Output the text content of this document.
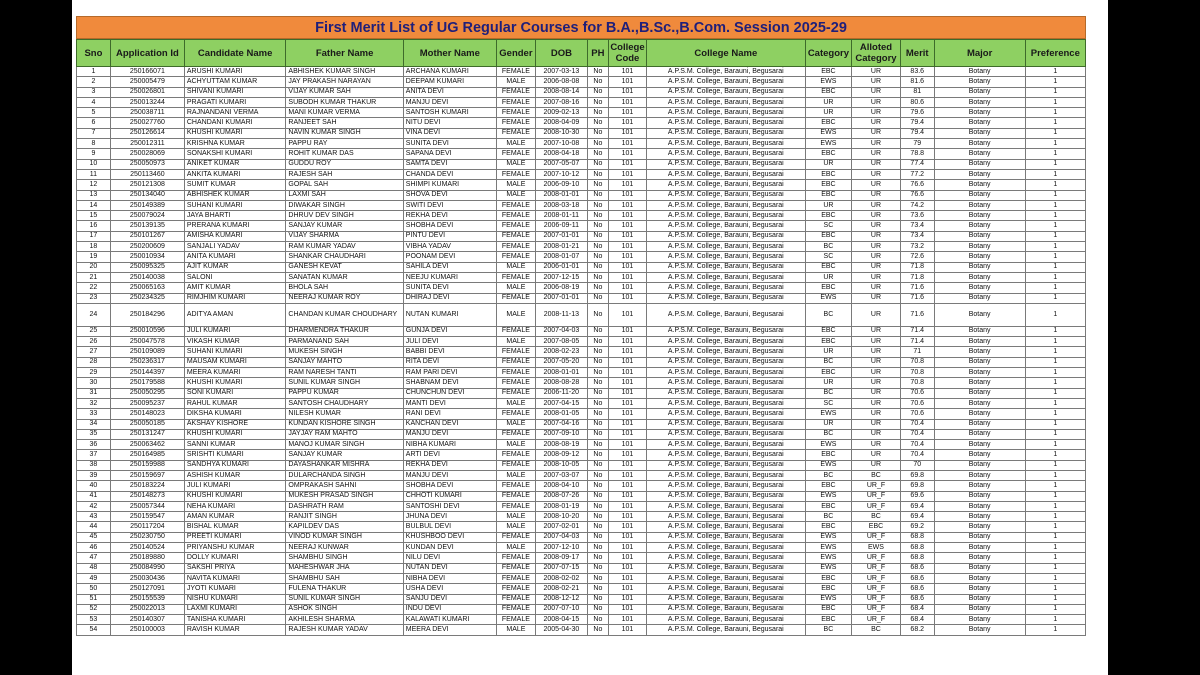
First Merit List of UG Regular Courses for B.A.,B.Sc.,B.Com. Session 2025-29
Sno	Application Id	Candidate Name	Father Name	Mother Name	Gender	DOB	PH	College Code	College Name	Category	Alloted Category	Merit	Major	Preference
1	250166071	ARUSHI KUMARI	ABHISHEK KUMAR SINGH	ARCHANA KUMARI	FEMALE	2007-03-13	No	101	A.P.S.M. College, Barauni, Begusarai	EBC	UR	83.6	Botany	1
2	250005479	ACHYUTTAM KUMAR	JAY PRAKASH NARAYAN	DEEPAM KUMARI	MALE	2006-08-08	No	101	A.P.S.M. College, Barauni, Begusarai	EWS	UR	81.6	Botany	1
3	250026801	SHIVANI KUMARI	VIJAY KUMAR SAH	ANITA DEVI	FEMALE	2008-08-14	No	101	A.P.S.M. College, Barauni, Begusarai	EBC	UR	81	Botany	1
4	250013244	PRAGATI KUMARI	SUBODH KUMAR THAKUR	MANJU DEVI	FEMALE	2007-08-16	No	101	A.P.S.M. College, Barauni, Begusarai	UR	UR	80.6	Botany	1
5	250038711	RAJNANDANI VERMA	MANI KUMAR VERMA	SANTOSH KUMARI	FEMALE	2009-02-13	No	101	A.P.S.M. College, Barauni, Begusarai	UR	UR	79.6	Botany	1
6	250027760	CHANDANI KUMARI	RANJEET SAH	NITU DEVI	FEMALE	2008-04-09	No	101	A.P.S.M. College, Barauni, Begusarai	EBC	UR	79.4	Botany	1
7	250126614	KHUSHI KUMARI	NAVIN KUMAR SINGH	VINA DEVI	FEMALE	2008-10-30	No	101	A.P.S.M. College, Barauni, Begusarai	EWS	UR	79.4	Botany	1
8	250012311	KRISHNA KUMAR	PAPPU RAY	SUNITA DEVI	MALE	2007-10-08	No	101	A.P.S.M. College, Barauni, Begusarai	EWS	UR	79	Botany	1
9	250028069	SONAKSHI KUMARI	ROHIT KUMAR DAS	SAPANA DEVI	FEMALE	2008-04-18	No	101	A.P.S.M. College, Barauni, Begusarai	EBC	UR	78.8	Botany	1
10	250050973	ANIKET KUMAR	GUDDU ROY	SAMTA DEVI	MALE	2007-05-07	No	101	A.P.S.M. College, Barauni, Begusarai	UR	UR	77.4	Botany	1
11	250113460	ANKITA KUMARI	RAJESH SAH	CHANDA DEVI	FEMALE	2007-10-12	No	101	A.P.S.M. College, Barauni, Begusarai	EBC	UR	77.2	Botany	1
12	250121308	SUMIT KUMAR	GOPAL SAH	SHIMPI KUMARI	MALE	2006-09-10	No	101	A.P.S.M. College, Barauni, Begusarai	EBC	UR	76.6	Botany	1
13	250134040	ABHISHEK KUMAR	LAXMI SAH	SHOVA DEVI	MALE	2008-01-01	No	101	A.P.S.M. College, Barauni, Begusarai	EBC	UR	76.6	Botany	1
14	250149389	SUHANI KUMARI	DIWAKAR SINGH	SWITI DEVI	FEMALE	2008-03-18	No	101	A.P.S.M. College, Barauni, Begusarai	UR	UR	74.2	Botany	1
15	250079024	JAYA BHARTI	DHRUV DEV SINGH	REKHA DEVI	FEMALE	2008-01-11	No	101	A.P.S.M. College, Barauni, Begusarai	EBC	UR	73.6	Botany	1
16	250139135	PRERANA KUMARI	SANJAY KUMAR	SHOBHA DEVI	FEMALE	2006-09-11	No	101	A.P.S.M. College, Barauni, Begusarai	SC	UR	73.4	Botany	1
17	250101267	AMISHA KUMARI	VIJAY SHARMA	PINTU DEVI	FEMALE	2007-01-01	No	101	A.P.S.M. College, Barauni, Begusarai	EBC	UR	73.4	Botany	1
18	250200609	SANJALI YADAV	RAM KUMAR YADAV	VIBHA YADAV	FEMALE	2008-01-21	No	101	A.P.S.M. College, Barauni, Begusarai	BC	UR	73.2	Botany	1
19	250010934	ANITA KUMARI	SHANKAR CHAUDHARI	POONAM DEVI	FEMALE	2008-01-07	No	101	A.P.S.M. College, Barauni, Begusarai	SC	UR	72.6	Botany	1
20	250095325	AJIT KUMAR	GANESH KEVAT	SAHILA DEVI	MALE	2006-01-01	No	101	A.P.S.M. College, Barauni, Begusarai	EBC	UR	71.8	Botany	1
21	250140038	SALONI	SANATAN KUMAR	NEEJU KUMARI	FEMALE	2007-12-15	No	101	A.P.S.M. College, Barauni, Begusarai	UR	UR	71.8	Botany	1
22	250065163	AMIT KUMAR	BHOLA SAH	SUNITA DEVI	MALE	2006-08-19	No	101	A.P.S.M. College, Barauni, Begusarai	EBC	UR	71.6	Botany	1
23	250234325	RIMJHIM KUMARI	NEERAJ KUMAR ROY	DHIRAJ DEVI	FEMALE	2007-01-01	No	101	A.P.S.M. College, Barauni, Begusarai	EWS	UR	71.6	Botany	1
24	250184296	ADITYA AMAN	CHANDAN KUMAR CHOUDHARY	NUTAN KUMARI	MALE	2008-11-13	No	101	A.P.S.M. College, Barauni, Begusarai	BC	UR	71.6	Botany	1
25	250010596	JULI KUMARI	DHARMENDRA THAKUR	GUNJA DEVI	FEMALE	2007-04-03	No	101	A.P.S.M. College, Barauni, Begusarai	EBC	UR	71.4	Botany	1
26	250047578	VIKASH KUMAR	PARMANAND SAH	JULI DEVI	MALE	2007-08-05	No	101	A.P.S.M. College, Barauni, Begusarai	EBC	UR	71.4	Botany	1
27	250109089	SUHANI KUMARI	MUKESH SINGH	BABBI DEVI	FEMALE	2008-02-23	No	101	A.P.S.M. College, Barauni, Begusarai	UR	UR	71	Botany	1
28	250236317	MAUSAM KUMARI	SANJAY MAHTO	RITA DEVI	FEMALE	2007-05-20	No	101	A.P.S.M. College, Barauni, Begusarai	BC	UR	70.8	Botany	1
29	250144397	MEERA KUMARI	RAM NARESH TANTI	RAM PARI DEVI	FEMALE	2008-01-01	No	101	A.P.S.M. College, Barauni, Begusarai	EBC	UR	70.8	Botany	1
30	250179588	KHUSHI KUMARI	SUNIL KUMAR SINGH	SHABNAM DEVI	FEMALE	2008-08-28	No	101	A.P.S.M. College, Barauni, Begusarai	UR	UR	70.8	Botany	1
31	250050295	SONI KUMARI	PAPPU KUMAR	CHUNCHUN DEVI	FEMALE	2006-11-20	No	101	A.P.S.M. College, Barauni, Begusarai	BC	UR	70.6	Botany	1
32	250095237	RAHUL KUMAR	SANTOSH CHAUDHARY	MANTI DEVI	MALE	2007-04-15	No	101	A.P.S.M. College, Barauni, Begusarai	SC	UR	70.6	Botany	1
33	250148023	DIKSHA KUMARI	NILESH KUMAR	RANI DEVI	FEMALE	2008-01-05	No	101	A.P.S.M. College, Barauni, Begusarai	EWS	UR	70.6	Botany	1
34	250050185	AKSHAY KISHORE	KUNDAN KISHORE SINGH	KANCHAN DEVI	MALE	2007-04-16	No	101	A.P.S.M. College, Barauni, Begusarai	UR	UR	70.4	Botany	1
35	250131247	KHUSHI KUMARI	JAYJAY RAM MAHTO	MANJU DEVI	FEMALE	2007-09-10	No	101	A.P.S.M. College, Barauni, Begusarai	BC	UR	70.4	Botany	1
36	250063462	SANNI KUMAR	MANOJ KUMAR SINGH	NIBHA KUMARI	MALE	2008-08-19	No	101	A.P.S.M. College, Barauni, Begusarai	EWS	UR	70.4	Botany	1
37	250164985	SRISHTI KUMARI	SANJAY KUMAR	ARTI DEVI	FEMALE	2008-09-12	No	101	A.P.S.M. College, Barauni, Begusarai	EBC	UR	70.4	Botany	1
38	250159988	SANDHYA KUMARI	DAYASHANKAR MISHRA	REKHA DEVI	FEMALE	2008-10-05	No	101	A.P.S.M. College, Barauni, Begusarai	EWS	UR	70	Botany	1
39	250159697	ASHISH KUMAR	DULARCHANDA SINGH	MANJU DEVI	MALE	2007-03-07	No	101	A.P.S.M. College, Barauni, Begusarai	BC	BC	69.8	Botany	1
40	250183224	JULI KUMARI	OMPRAKASH SAHNI	SHOBHA DEVI	FEMALE	2008-04-10	No	101	A.P.S.M. College, Barauni, Begusarai	EBC	UR_F	69.8	Botany	1
41	250148273	KHUSHI KUMARI	MUKESH PRASAD SINGH	CHHOTI KUMARI	FEMALE	2008-07-26	No	101	A.P.S.M. College, Barauni, Begusarai	EWS	UR_F	69.6	Botany	1
42	250057344	NEHA KUMARI	DASHRATH RAM	SANTOSHI DEVI	FEMALE	2008-01-19	No	101	A.P.S.M. College, Barauni, Begusarai	EBC	UR_F	69.4	Botany	1
43	250159547	AMAN KUMAR	RANJIT SINGH	JHUNA DEVI	MALE	2008-10-20	No	101	A.P.S.M. College, Barauni, Begusarai	BC	BC	69.4	Botany	1
44	250117204	BISHAL KUMAR	KAPILDEV DAS	BULBUL DEVI	MALE	2007-02-01	No	101	A.P.S.M. College, Barauni, Begusarai	EBC	EBC	69.2	Botany	1
45	250230750	PREETI KUMARI	VINOD KUMAR SINGH	KHUSHBOO DEVI	FEMALE	2007-04-03	No	101	A.P.S.M. College, Barauni, Begusarai	EWS	UR_F	68.8	Botany	1
46	250140524	PRIYANSHU KUMAR	NEERAJ KUNWAR	KUNDAN DEVI	MALE	2007-12-10	No	101	A.P.S.M. College, Barauni, Begusarai	EWS	EWS	68.8	Botany	1
47	250189880	DOLLY KUMARI	SHAMBHU SINGH	NILU DEVI	FEMALE	2008-09-17	No	101	A.P.S.M. College, Barauni, Begusarai	EWS	UR_F	68.8	Botany	1
48	250084990	SAKSHI PRIYA	MAHESHWAR JHA	NUTAN DEVI	FEMALE	2007-07-15	No	101	A.P.S.M. College, Barauni, Begusarai	EWS	UR_F	68.6	Botany	1
49	250030436	NAVITA KUMARI	SHAMBHU SAH	NIBHA DEVI	FEMALE	2008-02-02	No	101	A.P.S.M. College, Barauni, Begusarai	EBC	UR_F	68.6	Botany	1
50	250127091	JYOTI KUMARI	FULENA THAKUR	USHA DEVI	FEMALE	2008-02-21	No	101	A.P.S.M. College, Barauni, Begusarai	EBC	UR_F	68.6	Botany	1
51	250155539	NISHU KUMARI	SUNIL KUMAR SINGH	SANJU DEVI	FEMALE	2008-12-12	No	101	A.P.S.M. College, Barauni, Begusarai	EWS	UR_F	68.6	Botany	1
52	250022013	LAXMI KUMARI	ASHOK SINGH	INDU DEVI	FEMALE	2007-07-10	No	101	A.P.S.M. College, Barauni, Begusarai	EBC	UR_F	68.4	Botany	1
53	250140307	TANISHA KUMARI	AKHILESH SHARMA	KALAWATI KUMARI	FEMALE	2008-04-15	No	101	A.P.S.M. College, Barauni, Begusarai	EBC	UR_F	68.4	Botany	1
54	250100003	RAVISH KUMAR	RAJESH KUMAR YADAV	MEERA DEVI	MALE	2005-04-30	No	101	A.P.S.M. College, Barauni, Begusarai	BC	BC	68.2	Botany	1
